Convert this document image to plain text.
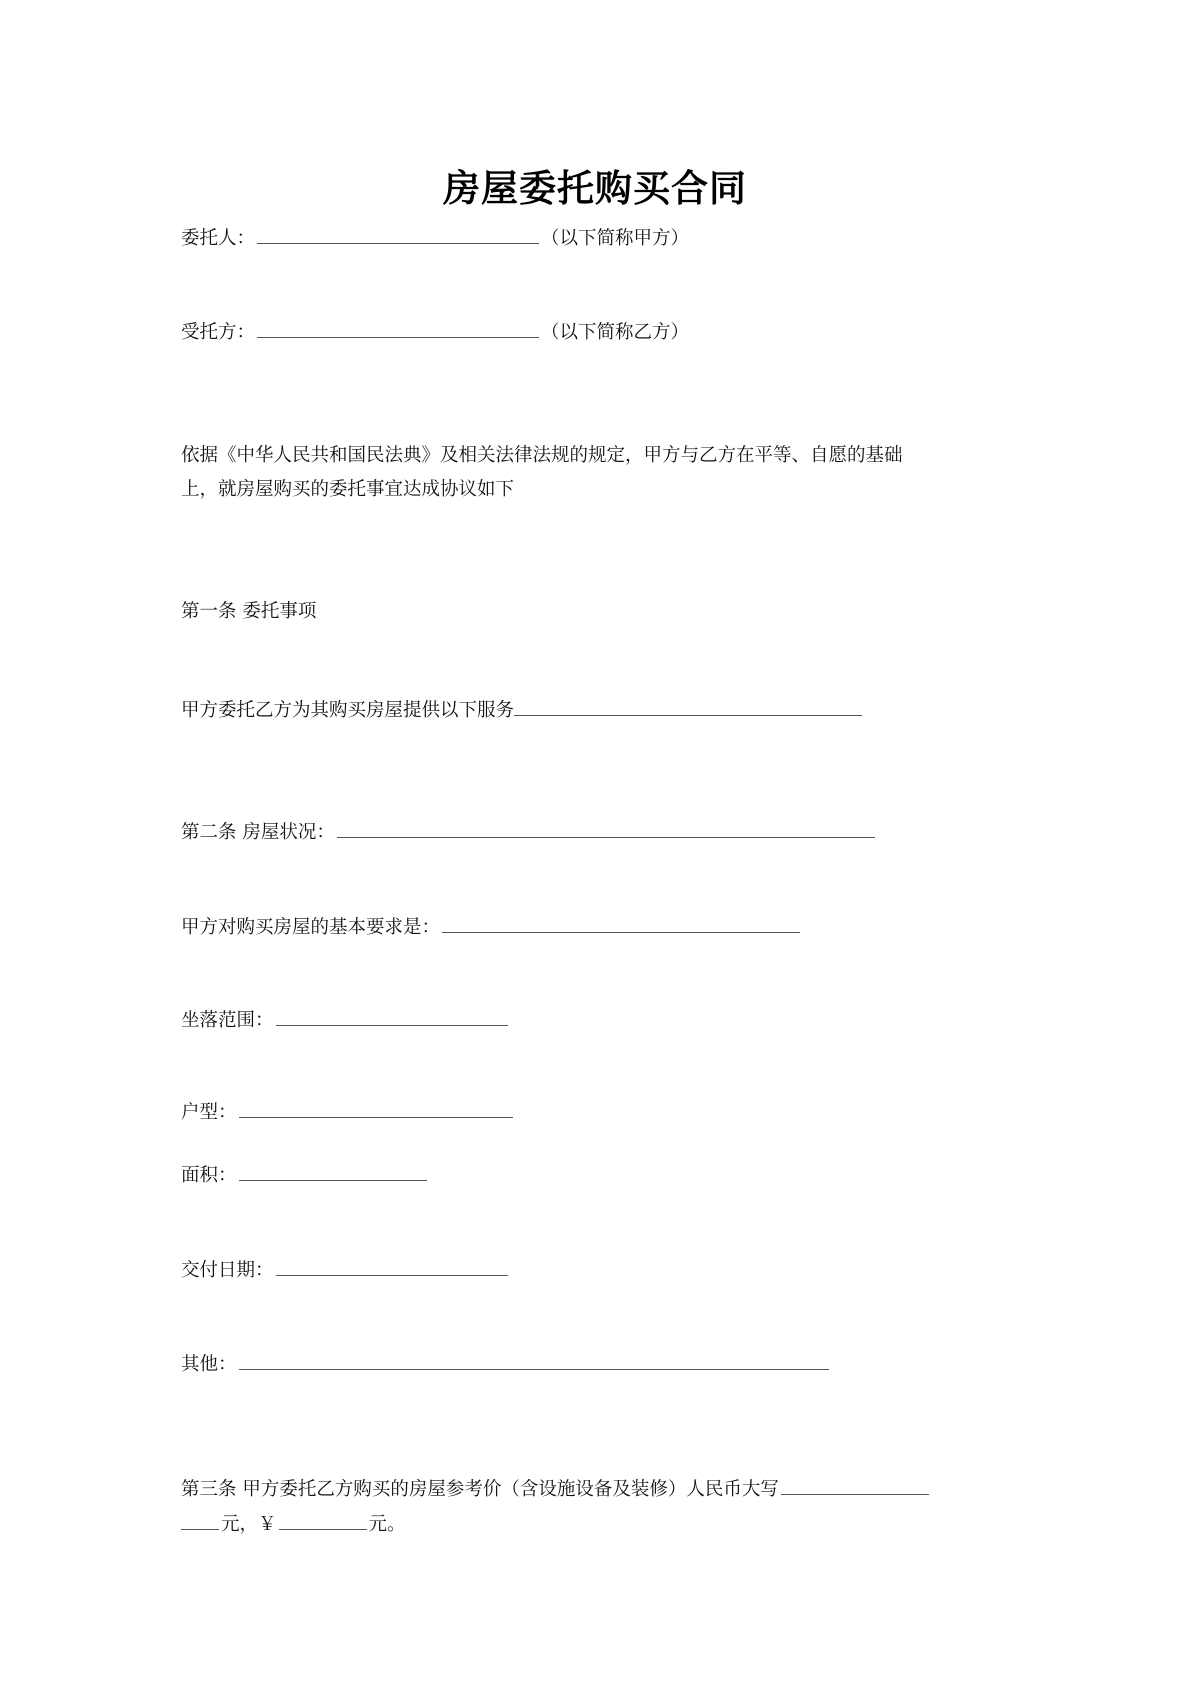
房屋委托购买合同
委托人：	（以下简称甲方）
受托方：	（以下简称乙方）
依据《中华人民共和国民法典》及相关法律法规的规定，甲方与乙方在平等、自愿的基础
上，就房屋购买的委托事宜达成协议如下
第一条 委托事项
甲方委托乙方为其购买房屋提供以下服务
第二条 房屋状况：
甲方对购买房屋的基本要求是：
坐落范围：
户型：
面积：
交付日期：
其他：
第三条 甲方委托乙方购买的房屋参考价（含设施设备及装修）人民币大写
元，￥	元。
